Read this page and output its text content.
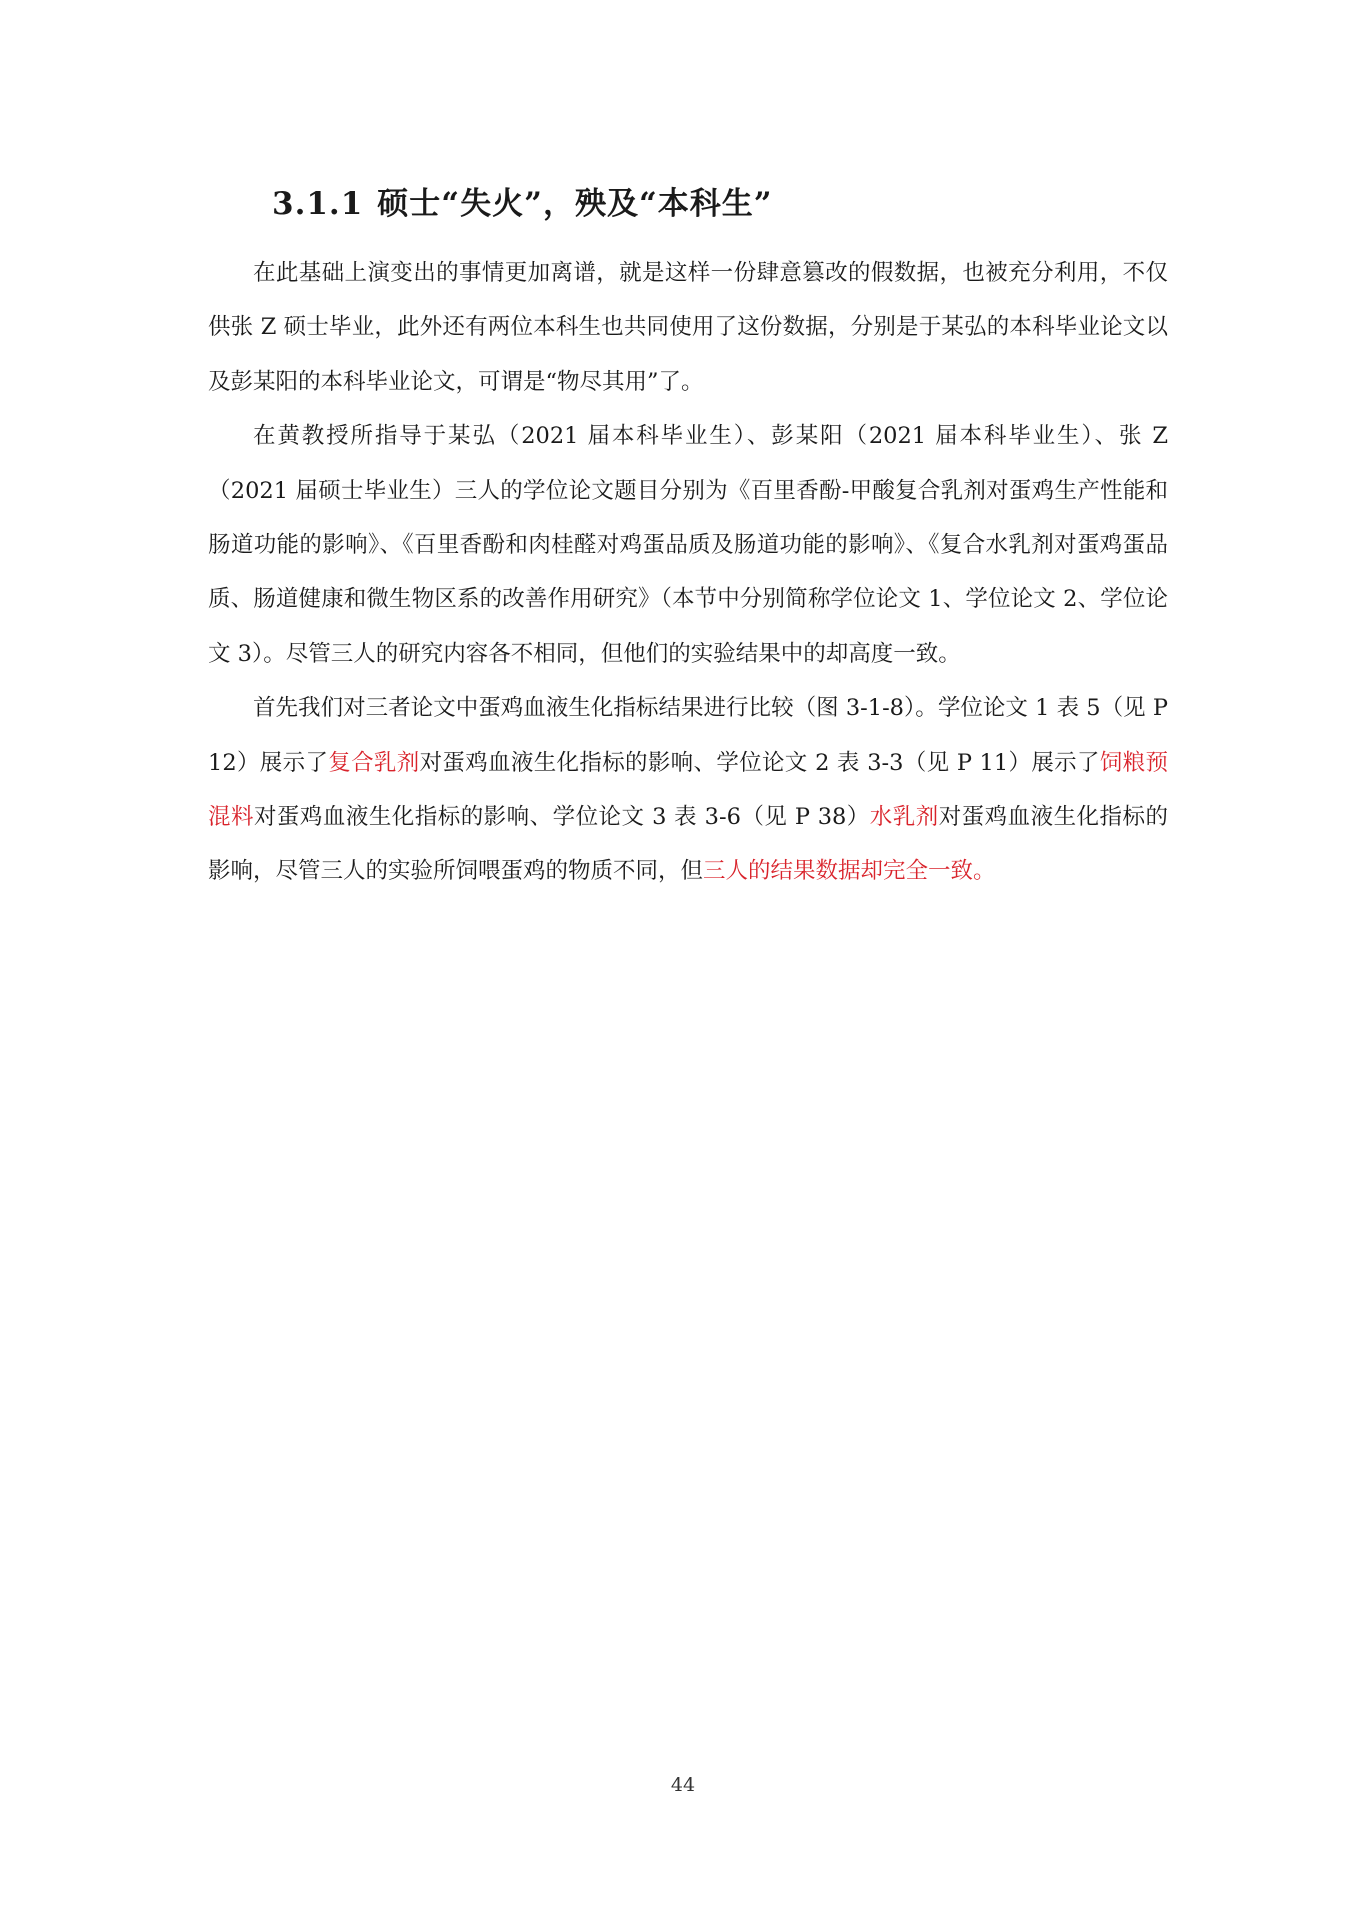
3.1.1 硕士“失火”，殃及“本科生”

在此基础上演变出的事情更加离谱，就是这样一份肆意篡改的假数据，也被充分利用，不仅供张 Z 硕士毕业，此外还有两位本科生也共同使用了这份数据，分别是于某弘的本科毕业论文以及彭某阳的本科毕业论文，可谓是“物尽其用”了。

在黄教授所指导于某弘（2021 届本科毕业生）、彭某阳（2021 届本科毕业生）、张 Z（2021 届硕士毕业生）三人的学位论文题目分别为《百里香酚-甲酸复合乳剂对蛋鸡生产性能和肠道功能的影响》、《百里香酚和肉桂醛对鸡蛋品质及肠道功能的影响》、《复合水乳剂对蛋鸡蛋品质、肠道健康和微生物区系的改善作用研究》（本节中分别简称学位论文 1、学位论文 2、学位论文 3）。尽管三人的研究内容各不相同，但他们的实验结果中的却高度一致。

首先我们对三者论文中蛋鸡血液生化指标结果进行比较（图 3-1-8）。学位论文 1 表 5（见 P 12）展示了复合乳剂对蛋鸡血液生化指标的影响、学位论文 2 表 3-3（见 P 11）展示了饲粮预混料对蛋鸡血液生化指标的影响、学位论文 3 表 3-6（见 P 38）水乳剂对蛋鸡血液生化指标的影响，尽管三人的实验所饲喂蛋鸡的物质不同，但三人的结果数据却完全一致。

44
